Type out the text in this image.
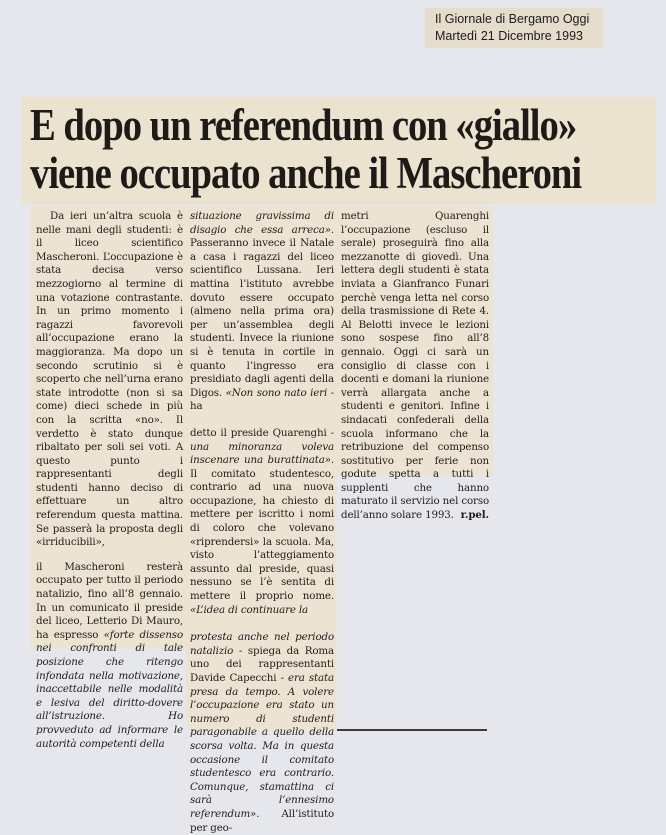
Il Giornale di Bergamo Oggi
Martedì 21 Dicembre 1993
E dopo un referendum con «giallo»
viene occupato anche il Mascheroni

Da ieri un’altra scuola è nelle mani degli studenti: è il liceo scientifico Mascheroni. L’occupazione è stata decisa verso mezzogiorno al termine di una votazione contrastante. In un primo momento i ragazzi favorevoli all’occupazione erano la maggioranza. Ma dopo un secondo scrutinio si è scoperto che nell’urna erano state introdotte (non si sa come) dieci schede in più con la scritta «no». Il verdetto è stato dunque ribaltato per soli sei voti. A questo punto i rappresentanti degli studenti hanno deciso di effettuare un altro referendum questa mattina. Se passerà la proposta degli «irriducibili»,

il Mascheroni resterà occupato per tutto il periodo natalizio, fino all’8 gennaio. In un comunicato il preside del liceo, Letterio Di Mauro, ha espresso «forte dissenso nei confronti di tale posizione che ritengo infondata nella motivazione, inaccettabile nelle modalità e lesiva del diritto-dovere all’istruzione. Ho provveduto ad informare le autorità competenti della

situazione gravissima di disagio che essa arreca». Passeranno invece il Natale a casa i ragazzi del liceo scientifico Lussana. Ieri mattina l’istituto avrebbe dovuto essere occupato (almeno nella prima ora) per un’assemblea degli studenti. Invece la riunione si è tenuta in cortile in quanto l’ingresso era presidiato dagli agenti della Digos. «Non sono nato ieri - ha

detto il preside Quarenghi - una minoranza voleva inscenare una burattinata». Il comitato studentesco, contrario ad una nuova occupazione, ha chiesto di mettere per iscritto i nomi di coloro che volevano «riprendersi» la scuola. Ma, visto l’atteggiamento assunto dal preside, quasi nessuno se l’è sentita di mettere il proprio nome. «L’idea di continuare la

protesta anche nel periodo natalizio - spiega da Roma uno dei rappresentanti Davide Capecchi - era stata presa da tempo. A volere l’occupazione era stato un numero di studenti paragonabile a quello della scorsa volta. Ma in questa occasione il comitato studentesco era contrario. Comunque, stamattina ci sarà l’ennesimo referendum». All’istituto per geo-

metri Quarenghi l’occupazione (escluso il serale) proseguirà fino alla mezzanotte di giovedì. Una lettera degli studenti è stata inviata a Gianfranco Funari perchè venga letta nel corso della trasmissione di Rete 4. Al Belotti invece le lezioni sono sospese fino all’8 gennaio. Oggi ci sarà un consiglio di classe con i docenti e domani la riunione verrà allargata anche a studenti e genitori. Infine i sindacati confederali della scuola informano che la retribuzione del compenso sostitutivo per ferie non godute spetta a tutti i supplenti che hanno maturato il servizio nel corso dell’anno solare 1993. r.pel.
